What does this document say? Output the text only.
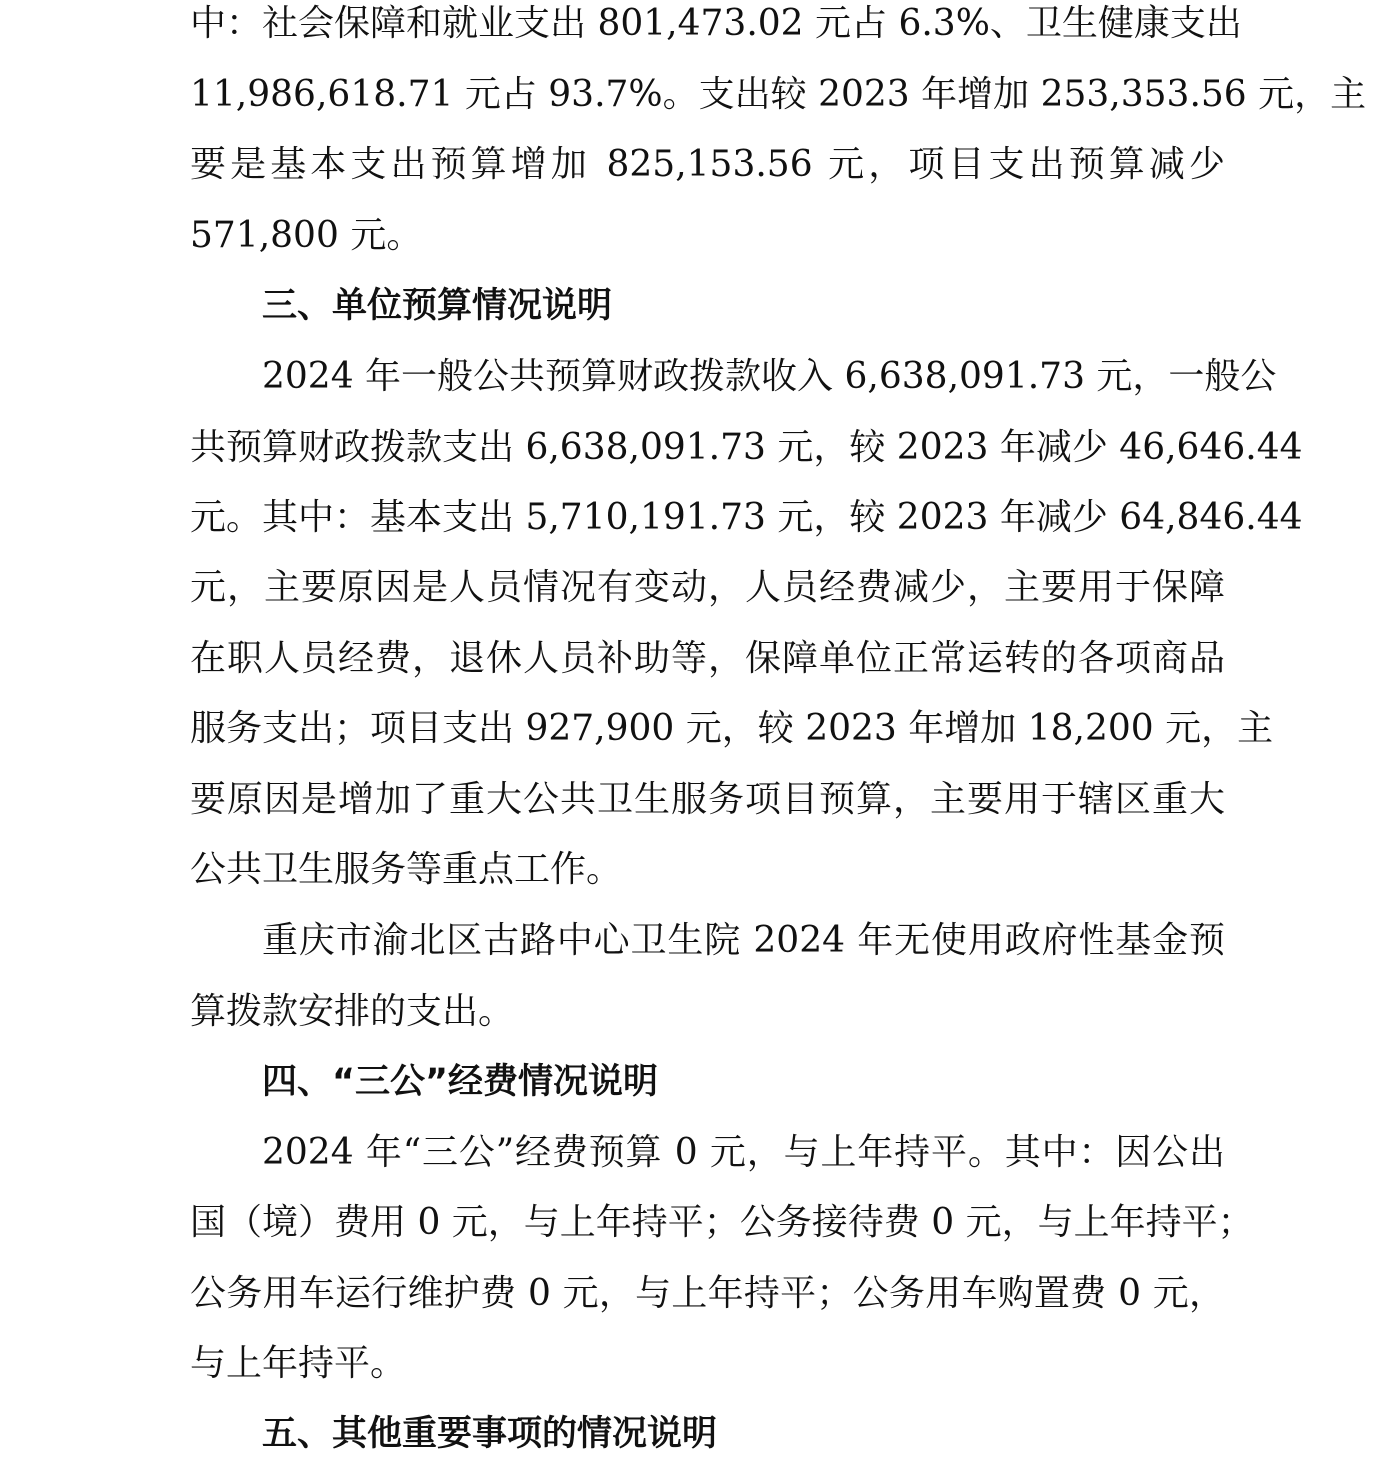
中：社会保障和就业支出 801,473.02 元占 6.3%、卫生健康支出
11,986,618.71 元占 93.7%。支出较 2023 年增加 253,353.56 元，主
要是基本支出预算增加 825,153.56 元，项目支出预算减少
571,800 元。
三、单位预算情况说明
2024 年一般公共预算财政拨款收入 6,638,091.73 元，一般公
共预算财政拨款支出 6,638,091.73 元，较 2023 年减少 46,646.44
元。其中：基本支出 5,710,191.73 元，较 2023 年减少 64,846.44
元，主要原因是人员情况有变动，人员经费减少，主要用于保障
在职人员经费，退休人员补助等，保障单位正常运转的各项商品
服务支出；项目支出 927,900 元，较 2023 年增加 18,200 元，主
要原因是增加了重大公共卫生服务项目预算，主要用于辖区重大
公共卫生服务等重点工作。
重庆市渝北区古路中心卫生院 2024 年无使用政府性基金预
算拨款安排的支出。
四、“三公”经费情况说明
2024 年“三公”经费预算 0 元，与上年持平。其中：因公出
国（境）费用 0 元，与上年持平；公务接待费 0 元，与上年持平；
公务用车运行维护费 0 元，与上年持平；公务用车购置费 0 元，
与上年持平。
五、其他重要事项的情况说明
